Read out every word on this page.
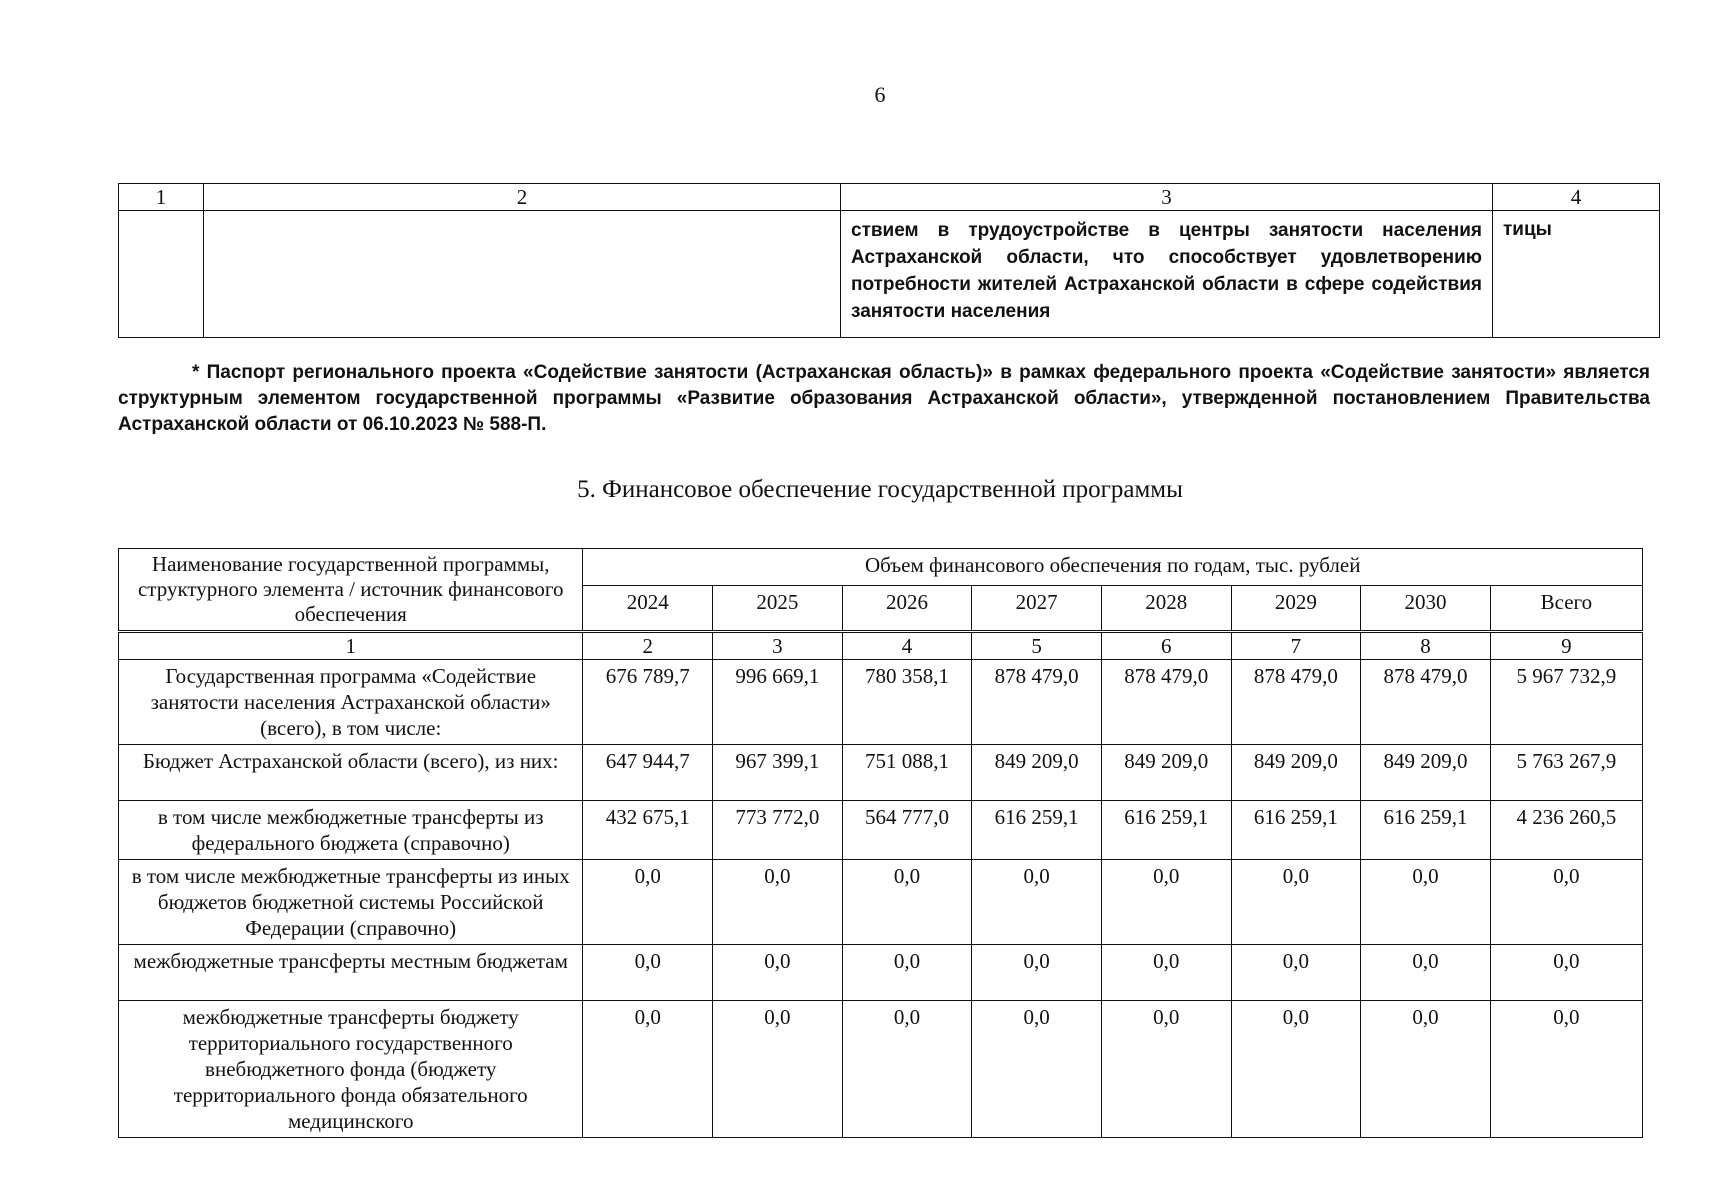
6
1	2	3	4
		ствием в трудоустройстве в центры занятости населения Астраханской области, что способствует удовлетворению потребности жителей Астраханской области в сфере содействия занятости населения	тицы
* Паспорт регионального проекта «Содействие занятости (Астраханская область)» в рамках федерального проекта «Содействие занятости» является структурным элементом государственной программы «Развитие образования Астраханской области», утвержденной постановлением Правительства Астраханской области от 06.10.2023 № 588-П.
5. Финансовое обеспечение государственной программы
Наименование государственной программы, структурного элемента / источник финансового обеспечения	Объем финансового обеспечения по годам, тыс. рублей							
	2024	2025	2026	2027	2028	2029	2030	Всего
1	2	3	4	5	6	7	8	9
Государственная программа «Содействие занятости населения Астраханской области» (всего), в том числе:	676 789,7	996 669,1	780 358,1	878 479,0	878 479,0	878 479,0	878 479,0	5 967 732,9
Бюджет Астраханской области (всего), из них:	647 944,7	967 399,1	751 088,1	849 209,0	849 209,0	849 209,0	849 209,0	5 763 267,9
в том числе межбюджетные трансферты из федерального бюджета (справочно)	432 675,1	773 772,0	564 777,0	616 259,1	616 259,1	616 259,1	616 259,1	4 236 260,5
в том числе межбюджетные трансферты из иных бюджетов бюджетной системы Российской Федерации (справочно)	0,0	0,0	0,0	0,0	0,0	0,0	0,0	0,0
межбюджетные трансферты местным бюджетам	0,0	0,0	0,0	0,0	0,0	0,0	0,0	0,0
межбюджетные трансферты бюджету территориального государственного внебюджетного фонда (бюджету территориального фонда обязательного медицинского	0,0	0,0	0,0	0,0	0,0	0,0	0,0	0,0
